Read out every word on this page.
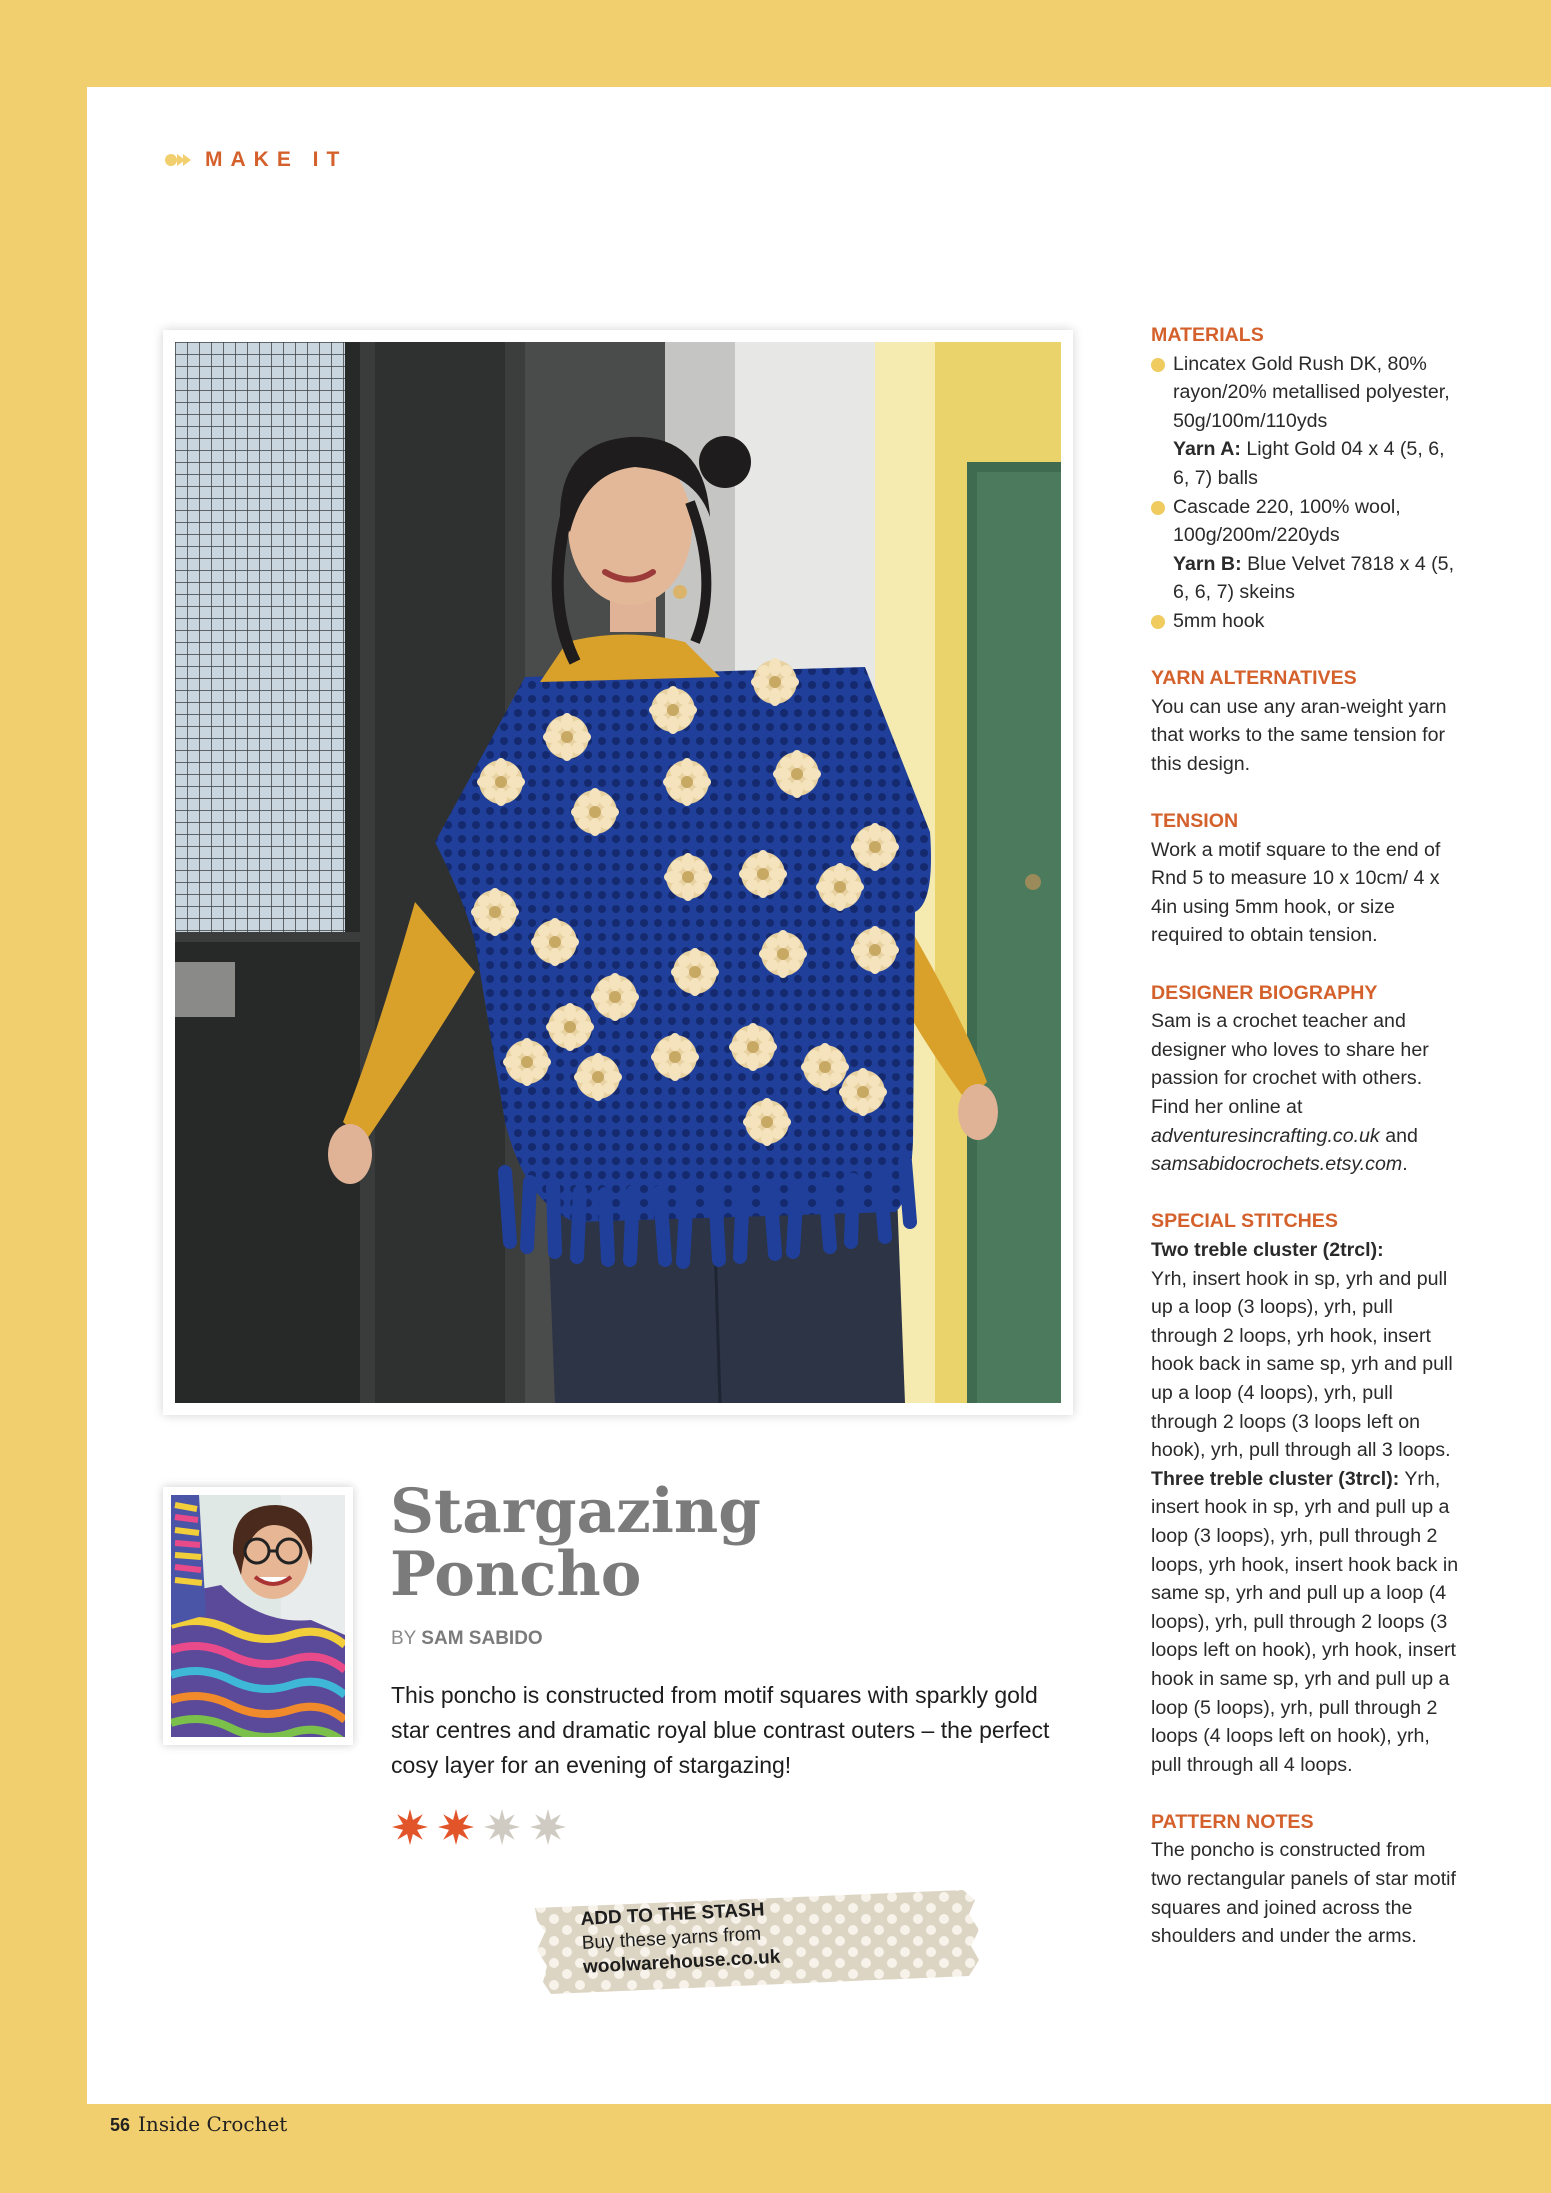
MAKE IT
Stargazing
Poncho
BY SAM SABIDO
This poncho is constructed from motif squares with sparkly gold star centres and dramatic royal blue contrast outers – the perfect cosy layer for an evening of stargazing!
ADD TO THE STASH
Buy these yarns from
woolwarehouse.co.uk
MATERIALS
Lincatex Gold Rush DK, 80% rayon/20% metallised polyester, 50g/100m/110yds
Yarn A: Light Gold 04 x 4 (5, 6, 6, 7) balls
Cascade 220, 100% wool, 100g/200m/220yds
Yarn B: Blue Velvet 7818 x 4 (5, 6, 6, 7) skeins
5mm hook
YARN ALTERNATIVES
You can use any aran-weight yarn that works to the same tension for this design.
TENSION
Work a motif square to the end of Rnd 5 to measure 10 x 10cm/ 4 x 4in using 5mm hook, or size required to obtain tension.
DESIGNER BIOGRAPHY
Sam is a crochet teacher and designer who loves to share her passion for crochet with others. Find her online at adventuresincrafting.co.uk and samsabidocrochets.etsy.com.
SPECIAL STITCHES
Two treble cluster (2trcl):
Yrh, insert hook in sp, yrh and pull up a loop (3 loops), yrh, pull through 2 loops, yrh hook, insert hook back in same sp, yrh and pull up a loop (4 loops), yrh, pull through 2 loops (3 loops left on hook), yrh, pull through all 3 loops.
Three treble cluster (3trcl): Yrh, insert hook in sp, yrh and pull up a loop (3 loops), yrh, pull through 2 loops, yrh hook, insert hook back in same sp, yrh and pull up a loop (4 loops), yrh, pull through 2 loops (3 loops left on hook), yrh hook, insert hook in same sp, yrh and pull up a loop (5 loops), yrh, pull through 2 loops (4 loops left on hook), yrh, pull through all 4 loops.
PATTERN NOTES
The poncho is constructed from two rectangular panels of star motif squares and joined across the shoulders and under the arms.
56 Inside Crochet
